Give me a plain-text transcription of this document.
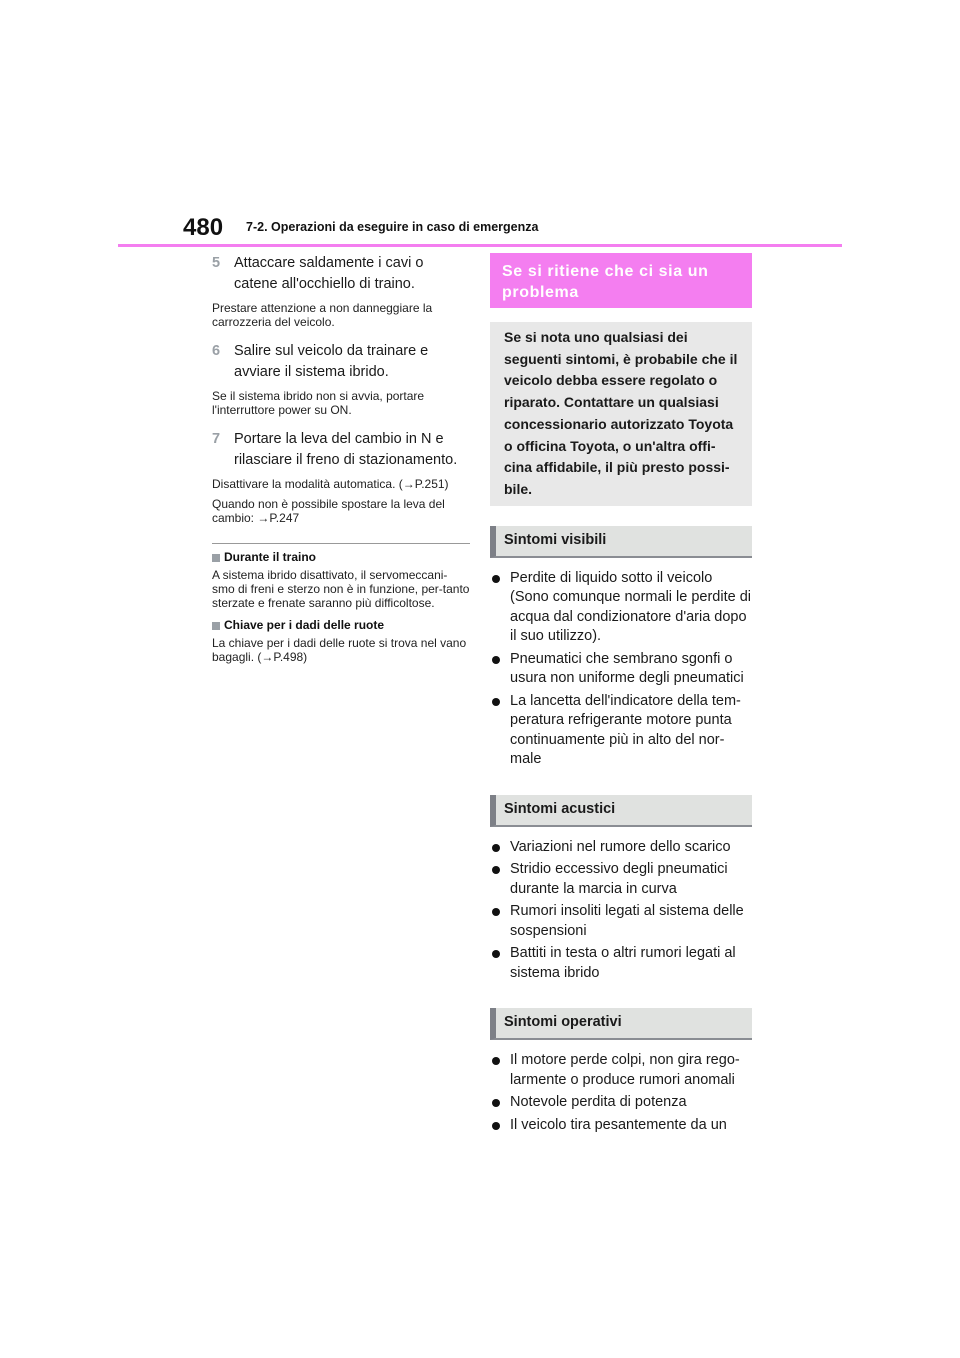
480 7-2. Operazioni da eseguire in caso di emergenza
5 Attaccare saldamente i cavi o catene all'occhiello di traino.
Prestare attenzione a non danneggiare la carrozzeria del veicolo.
6 Salire sul veicolo da trainare e avviare il sistema ibrido.
Se il sistema ibrido non si avvia, portare l'interruttore power su ON.
7 Portare la leva del cambio in N e rilasciare il freno di stazionamento.
Disattivare la modalità automatica. (→P.251)
Quando non è possibile spostare la leva del cambio: →P.247
Durante il traino
A sistema ibrido disattivato, il servomeccani-smo di freni e sterzo non è in funzione, per-tanto sterzate e frenate saranno più difficoltose.
Chiave per i dadi delle ruote
La chiave per i dadi delle ruote si trova nel vano bagagli. (→P.498)
Se si ritiene che ci sia un problema
Se si nota uno qualsiasi dei seguenti sintomi, è probabile che il veicolo debba essere regolato o riparato. Contattare un qualsiasi concessionario autorizzato Toyota o officina Toyota, o un'altra offi-cina affidabile, il più presto possi-bile.
Sintomi visibili
Perdite di liquido sotto il veicolo (Sono comunque normali le perdite di acqua dal condizionatore d'aria dopo il suo utilizzo).
Pneumatici che sembrano sgonfi o usura non uniforme degli pneumatici
La lancetta dell'indicatore della tem-peratura refrigerante motore punta continuamente più in alto del nor-male
Sintomi acustici
Variazioni nel rumore dello scarico
Stridio eccessivo degli pneumatici durante la marcia in curva
Rumori insoliti legati al sistema delle sospensioni
Battiti in testa o altri rumori legati al sistema ibrido
Sintomi operativi
Il motore perde colpi, non gira rego-larmente o produce rumori anomali
Notevole perdita di potenza
Il veicolo tira pesantemente da un
